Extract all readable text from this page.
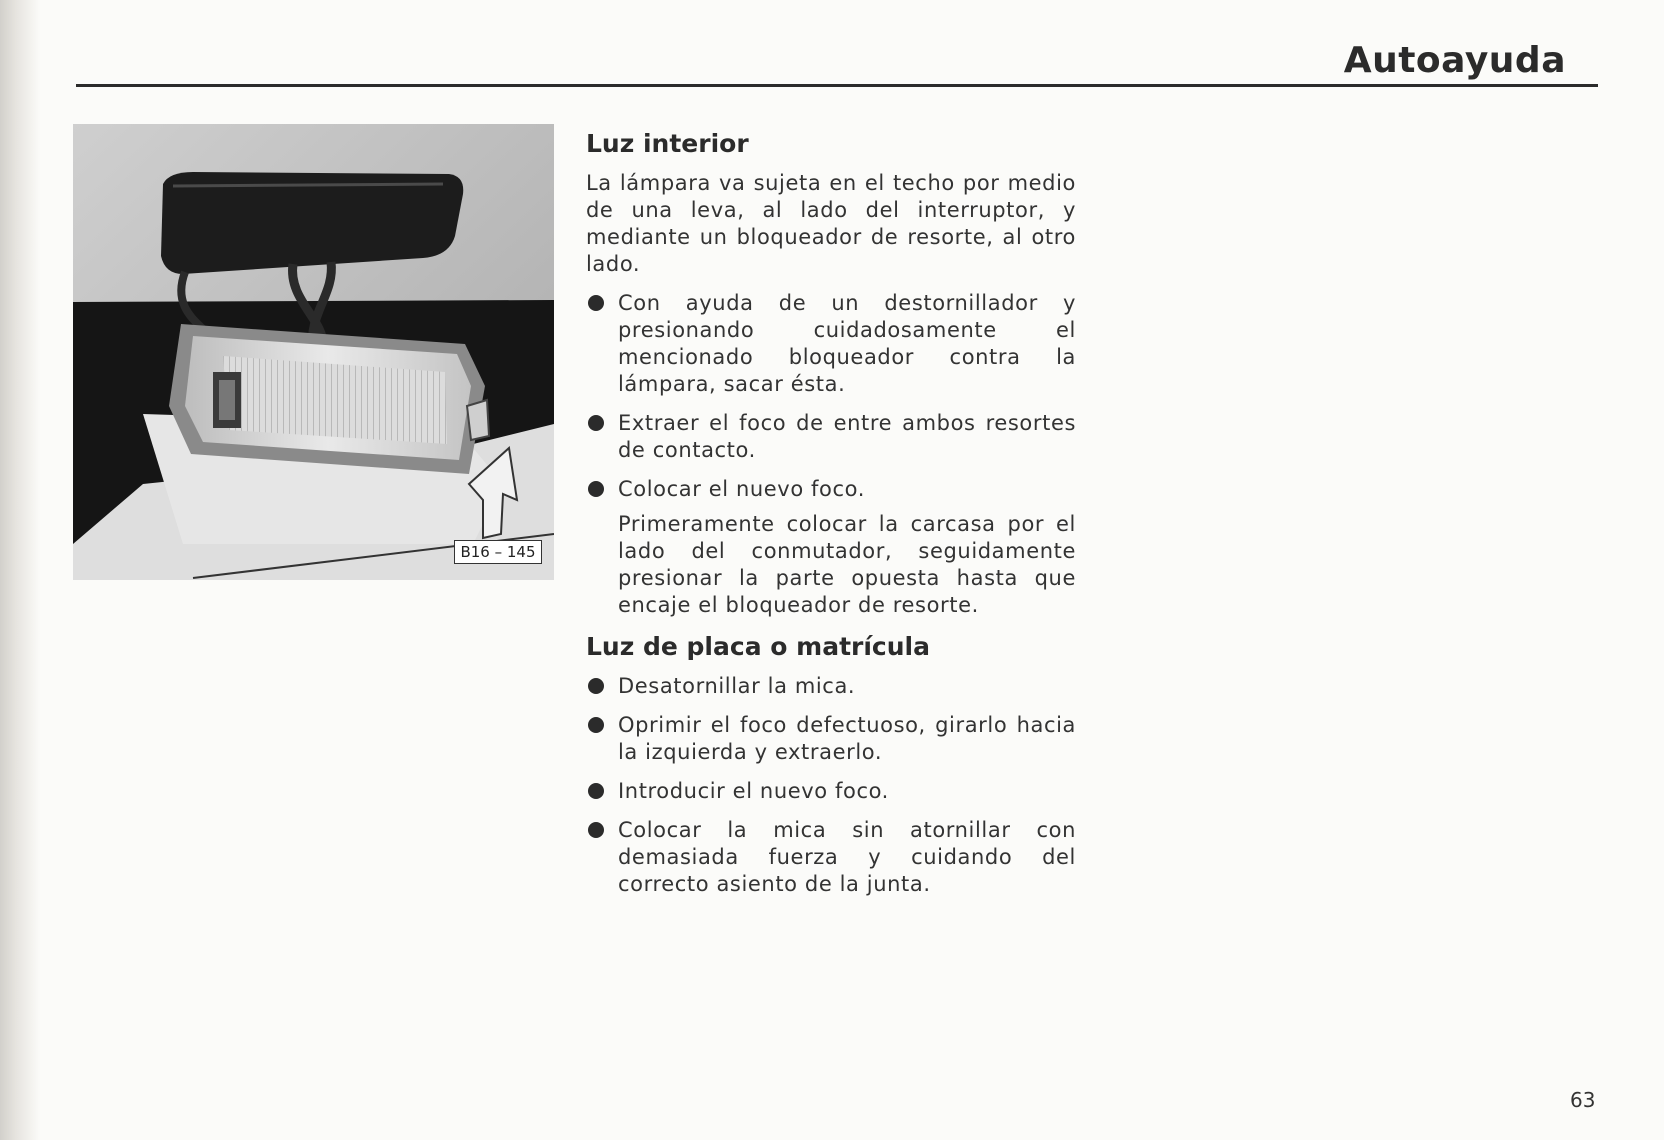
Autoayuda
B16 – 145
Luz interior
La lámpara va sujeta en el techo por medio de una leva, al lado del interruptor, y mediante un bloqueador de resorte, al otro lado.
Con ayuda de un destornillador y presionando cuidadosamente el mencionado bloqueador contra la lámpara, sacar ésta.
Extraer el foco de entre ambos resortes de contacto.
Colocar el nuevo foco.
Primeramente colocar la carcasa por el lado del conmutador, seguidamente presionar la parte opuesta hasta que encaje el bloqueador de resorte.
Luz de placa o matrícula
Desatornillar la mica.
Oprimir el foco defectuoso, girarlo hacia la izquierda y extraerlo.
Introducir el nuevo foco.
Colocar la mica sin atornillar con demasiada fuerza y cuidando del correcto asiento de la junta.
63
